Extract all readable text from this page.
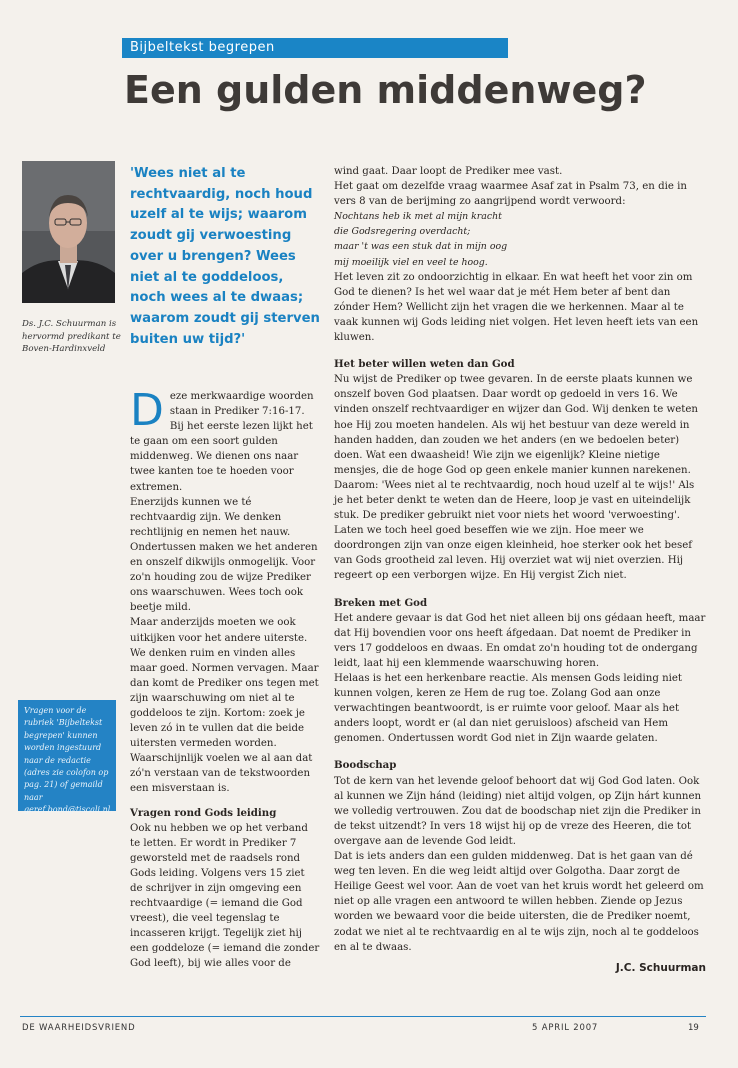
Bijbeltekst begrepen
Een gulden middenweg?
Ds. J.C. Schuurman is hervormd predikant te Boven-Hardinxveld
'Wees niet al te rechtvaardig, noch houd uzelf al te wijs; waarom zoudt gij verwoesting over u brengen? Wees niet al te goddeloos, noch wees al te dwaas; waarom zoudt gij sterven buiten uw tijd?'
Vragen voor de rubriek 'Bijbeltekst begrepen' kunnen worden ingestuurd naar de redactie (adres zie colofon op pag. 21) of gemaild naar geref.bond@tiscali.nl.

Deze merkwaardige woorden staan in Prediker 7:16-17. Bij het eerste lezen lijkt het te gaan om een soort gulden middenweg. We dienen ons naar twee kanten toe te hoeden voor extremen.

Enerzijds kunnen we té rechtvaardig zijn. We denken rechtlijnig en nemen het nauw. Ondertussen maken we het anderen en onszelf dikwijls onmogelijk. Voor zo'n houding zou de wijze Prediker ons waarschuwen. Wees toch ook beetje mild.

Maar anderzijds moeten we ook uitkijken voor het andere uiterste. We denken ruim en vinden alles maar goed. Normen vervagen. Maar dan komt de Prediker ons tegen met zijn waarschuwing om niet al te goddeloos te zijn. Kortom: zoek je leven zó in te vullen dat die beide uitersten vermeden worden. Waarschijnlijk voelen we al aan dat zó'n verstaan van de tekstwoorden een misverstaan is.

Vragen rond Gods leiding

Ook nu hebben we op het verband te letten. Er wordt in Prediker 7 geworsteld met de raadsels rond Gods leiding. Volgens vers 15 ziet de schrijver in zijn omgeving een rechtvaardige (= iemand die God vreest), die veel tegenslag te incasseren krijgt. Tegelijk ziet hij een goddeloze (= iemand die zonder God leeft), bij wie alles voor de

wind gaat. Daar loopt de Prediker mee vast.

Het gaat om dezelfde vraag waarmee Asaf zat in Psalm 73, en die in vers 8 van de berijming zo aangrijpend wordt verwoord:

Nochtans heb ik met al mijn kracht

die Godsregering overdacht;

maar 't was een stuk dat in mijn oog

mij moeilijk viel en veel te hoog.

Het leven zit zo ondoorzichtig in elkaar. En wat heeft het voor zin om God te dienen? Is het wel waar dat je mét Hem beter af bent dan zónder Hem? Wellicht zijn het vragen die we herkennen. Maar al te vaak kunnen wij Gods leiding niet volgen. Het leven heeft iets van een kluwen.

Het beter willen weten dan God

Nu wijst de Prediker op twee gevaren. In de eerste plaats kunnen we onszelf boven God plaatsen. Daar wordt op gedoeld in vers 16. We vinden onszelf rechtvaardiger en wijzer dan God. Wij denken te weten hoe Hij zou moeten handelen. Als wij het bestuur van deze wereld in handen hadden, dan zouden we het anders (en we bedoelen beter) doen. Wat een dwaasheid! Wie zijn we eigenlijk? Kleine nietige mensjes, die de hoge God op geen enkele manier kunnen narekenen. Daarom: 'Wees niet al te rechtvaardig, noch houd uzelf al te wijs!' Als je het beter denkt te weten dan de Heere, loop je vast en uiteindelijk stuk. De prediker gebruikt niet voor niets het woord 'verwoesting'.

Laten we toch heel goed beseffen wie we zijn. Hoe meer we doordrongen zijn van onze eigen kleinheid, hoe sterker ook het besef van Gods grootheid zal leven. Hij overziet wat wij niet overzien. Hij regeert op een verborgen wijze. En Hij vergist Zich niet.

Breken met God

Het andere gevaar is dat God het niet alleen bij ons gédaan heeft, maar dat Hij bovendien voor ons heeft áfgedaan. Dat noemt de Prediker in vers 17 goddeloos en dwaas. En omdat zo'n houding tot de ondergang leidt, laat hij een klemmende waarschuwing horen.

Helaas is het een herkenbare reactie. Als mensen Gods leiding niet kunnen volgen, keren ze Hem de rug toe. Zolang God aan onze verwachtingen beantwoordt, is er ruimte voor geloof. Maar als het anders loopt, wordt er (al dan niet geruisloos) afscheid van Hem genomen. Ondertussen wordt God niet in Zijn waarde gelaten.

Boodschap

Tot de kern van het levende geloof behoort dat wij God God laten. Ook al kunnen we Zijn hánd (leiding) niet altijd volgen, op Zijn hárt kunnen we volledig vertrouwen. Zou dat de boodschap niet zijn die Prediker in de tekst uitzendt? In vers 18 wijst hij op de vreze des Heeren, die tot overgave aan de levende God leidt.

Dat is iets anders dan een gulden middenweg. Dat is het gaan van dé weg ten leven. En die weg leidt altijd over Golgotha. Daar zorgt de Heilige Geest wel voor. Aan de voet van het kruis wordt het geleerd om niet op alle vragen een antwoord te willen hebben. Ziende op Jezus worden we bewaard voor die beide uitersten, die de Prediker noemt, zodat we niet al te rechtvaardig en al te wijs zijn, noch al te goddeloos en al te dwaas.

J.C. Schuurman

DE WAARHEIDSVRIEND	5 APRIL 2007	19
